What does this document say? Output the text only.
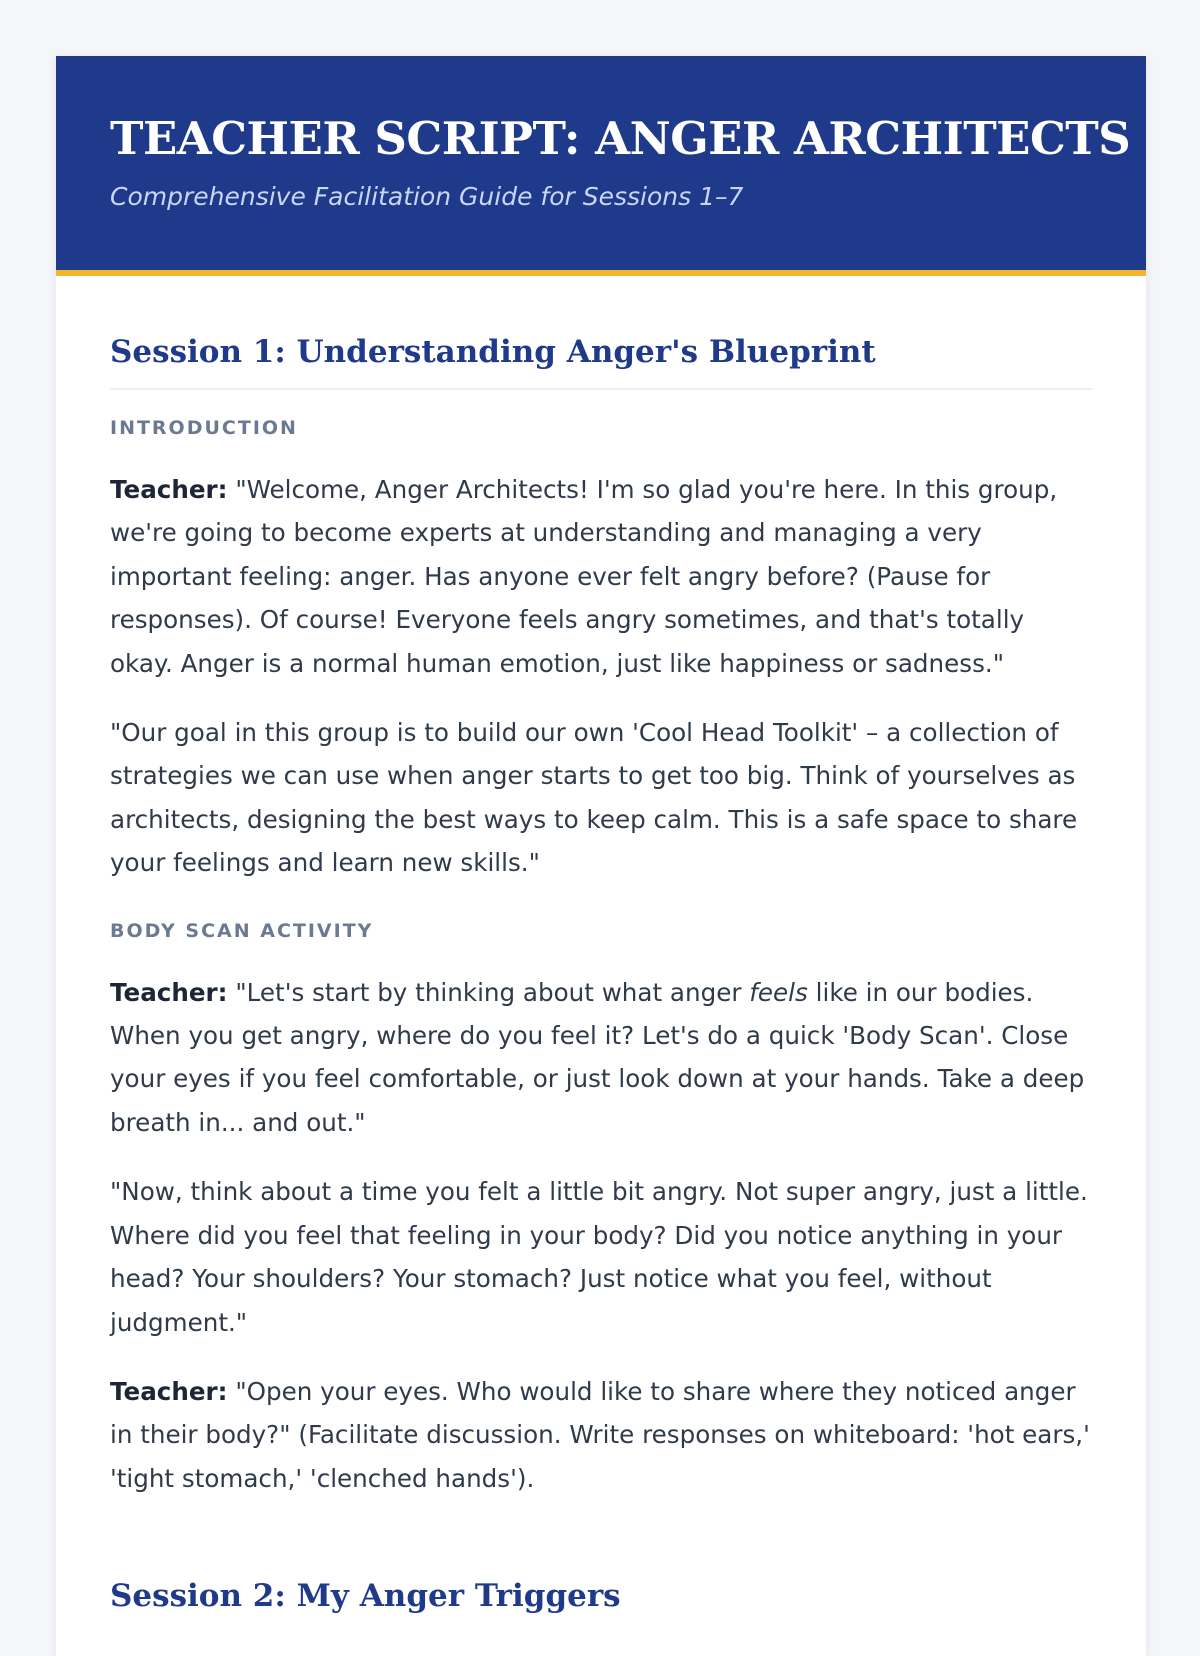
TEACHER SCRIPT: ANGER ARCHITECTS

Comprehensive Facilitation Guide for Sessions 1–7

Session 1: Understanding Anger's Blueprint
INTRODUCTION

Teacher: "Welcome, Anger Architects! I'm so glad you're here. In this group, we're going to become experts at understanding and managing a very important feeling: anger. Has anyone ever felt angry before? (Pause for responses). Of course! Everyone feels angry sometimes, and that's totally okay. Anger is a normal human emotion, just like happiness or sadness."

"Our goal in this group is to build our own 'Cool Head Toolkit' – a collection of strategies we can use when anger starts to get too big. Think of yourselves as architects, designing the best ways to keep calm. This is a safe space to share your feelings and learn new skills."

BODY SCAN ACTIVITY

Teacher: "Let's start by thinking about what anger feels like in our bodies. When you get angry, where do you feel it? Let's do a quick 'Body Scan'. Close your eyes if you feel comfortable, or just look down at your hands. Take a deep breath in... and out."

"Now, think about a time you felt a little bit angry. Not super angry, just a little. Where did you feel that feeling in your body? Did you notice anything in your head? Your shoulders? Your stomach? Just notice what you feel, without judgment."

Teacher: "Open your eyes. Who would like to share where they noticed anger in their body?" (Facilitate discussion. Write responses on whiteboard: 'hot ears,' 'tight stomach,' 'clenched hands').

Session 2: My Anger Triggers
